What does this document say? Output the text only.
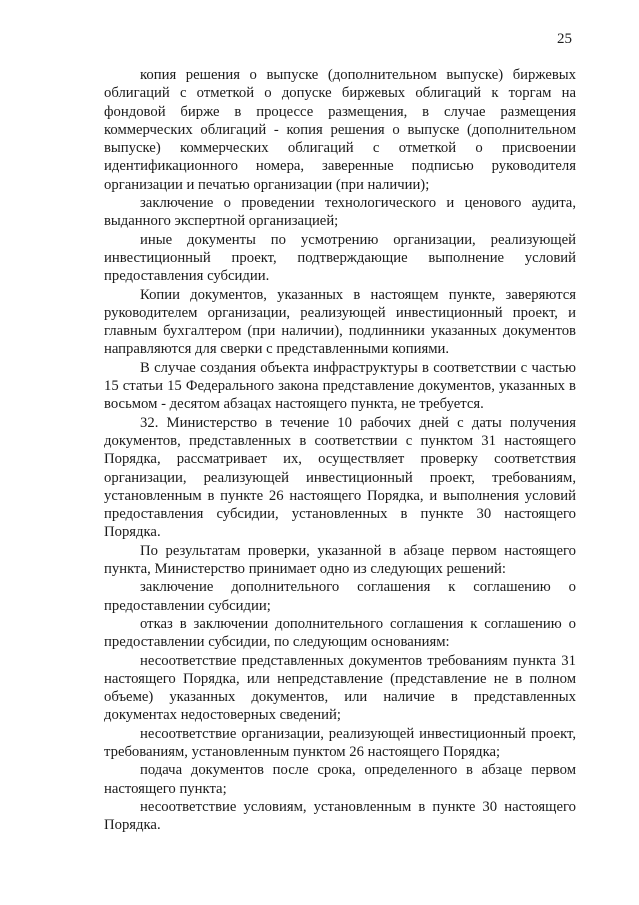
25

копия решения о выпуске (дополнительном выпуске) биржевых облигаций с отметкой о допуске биржевых облигаций к торгам на фондовой бирже в процессе размещения, в случае размещения коммерческих облигаций - копия решения о выпуске (дополнительном выпуске) коммерческих облигаций с отметкой о присвоении идентификационного номера, заверенные подписью руководителя организации и печатью организации (при наличии);

заключение о проведении технологического и ценового аудита, выданного экспертной организацией;

иные документы по усмотрению организации, реализующей инвестиционный проект, подтверждающие выполнение условий предоставления субсидии.

Копии документов, указанных в настоящем пункте, заверяются руководителем организации, реализующей инвестиционный проект, и главным бухгалтером (при наличии), подлинники указанных документов направляются для сверки с представленными копиями.

В случае создания объекта инфраструктуры в соответствии с частью 15 статьи 15 Федерального закона представление документов, указанных в восьмом - десятом абзацах настоящего пункта, не требуется.

32. Министерство в течение 10 рабочих дней с даты получения документов, представленных в соответствии с пунктом 31 настоящего Порядка, рассматривает их, осуществляет проверку соответствия организации, реализующей инвестиционный проект, требованиям, установленным в пункте 26 настоящего Порядка, и выполнения условий предоставления субсидии, установленных в пункте 30 настоящего Порядка.

По результатам проверки, указанной в абзаце первом настоящего пункта, Министерство принимает одно из следующих решений:

заключение дополнительного соглашения к соглашению о предоставлении субсидии;

отказ в заключении дополнительного соглашения к соглашению о предоставлении субсидии, по следующим основаниям:

несоответствие представленных документов требованиям пункта 31 настоящего Порядка, или непредставление (представление не в полном объеме) указанных документов, или наличие в представленных документах недостоверных сведений;

несоответствие организации, реализующей инвестиционный проект, требованиям, установленным пунктом 26 настоящего Порядка;

подача документов после срока, определенного в абзаце первом настоящего пункта;

несоответствие условиям, установленным в пункте 30 настоящего Порядка.
